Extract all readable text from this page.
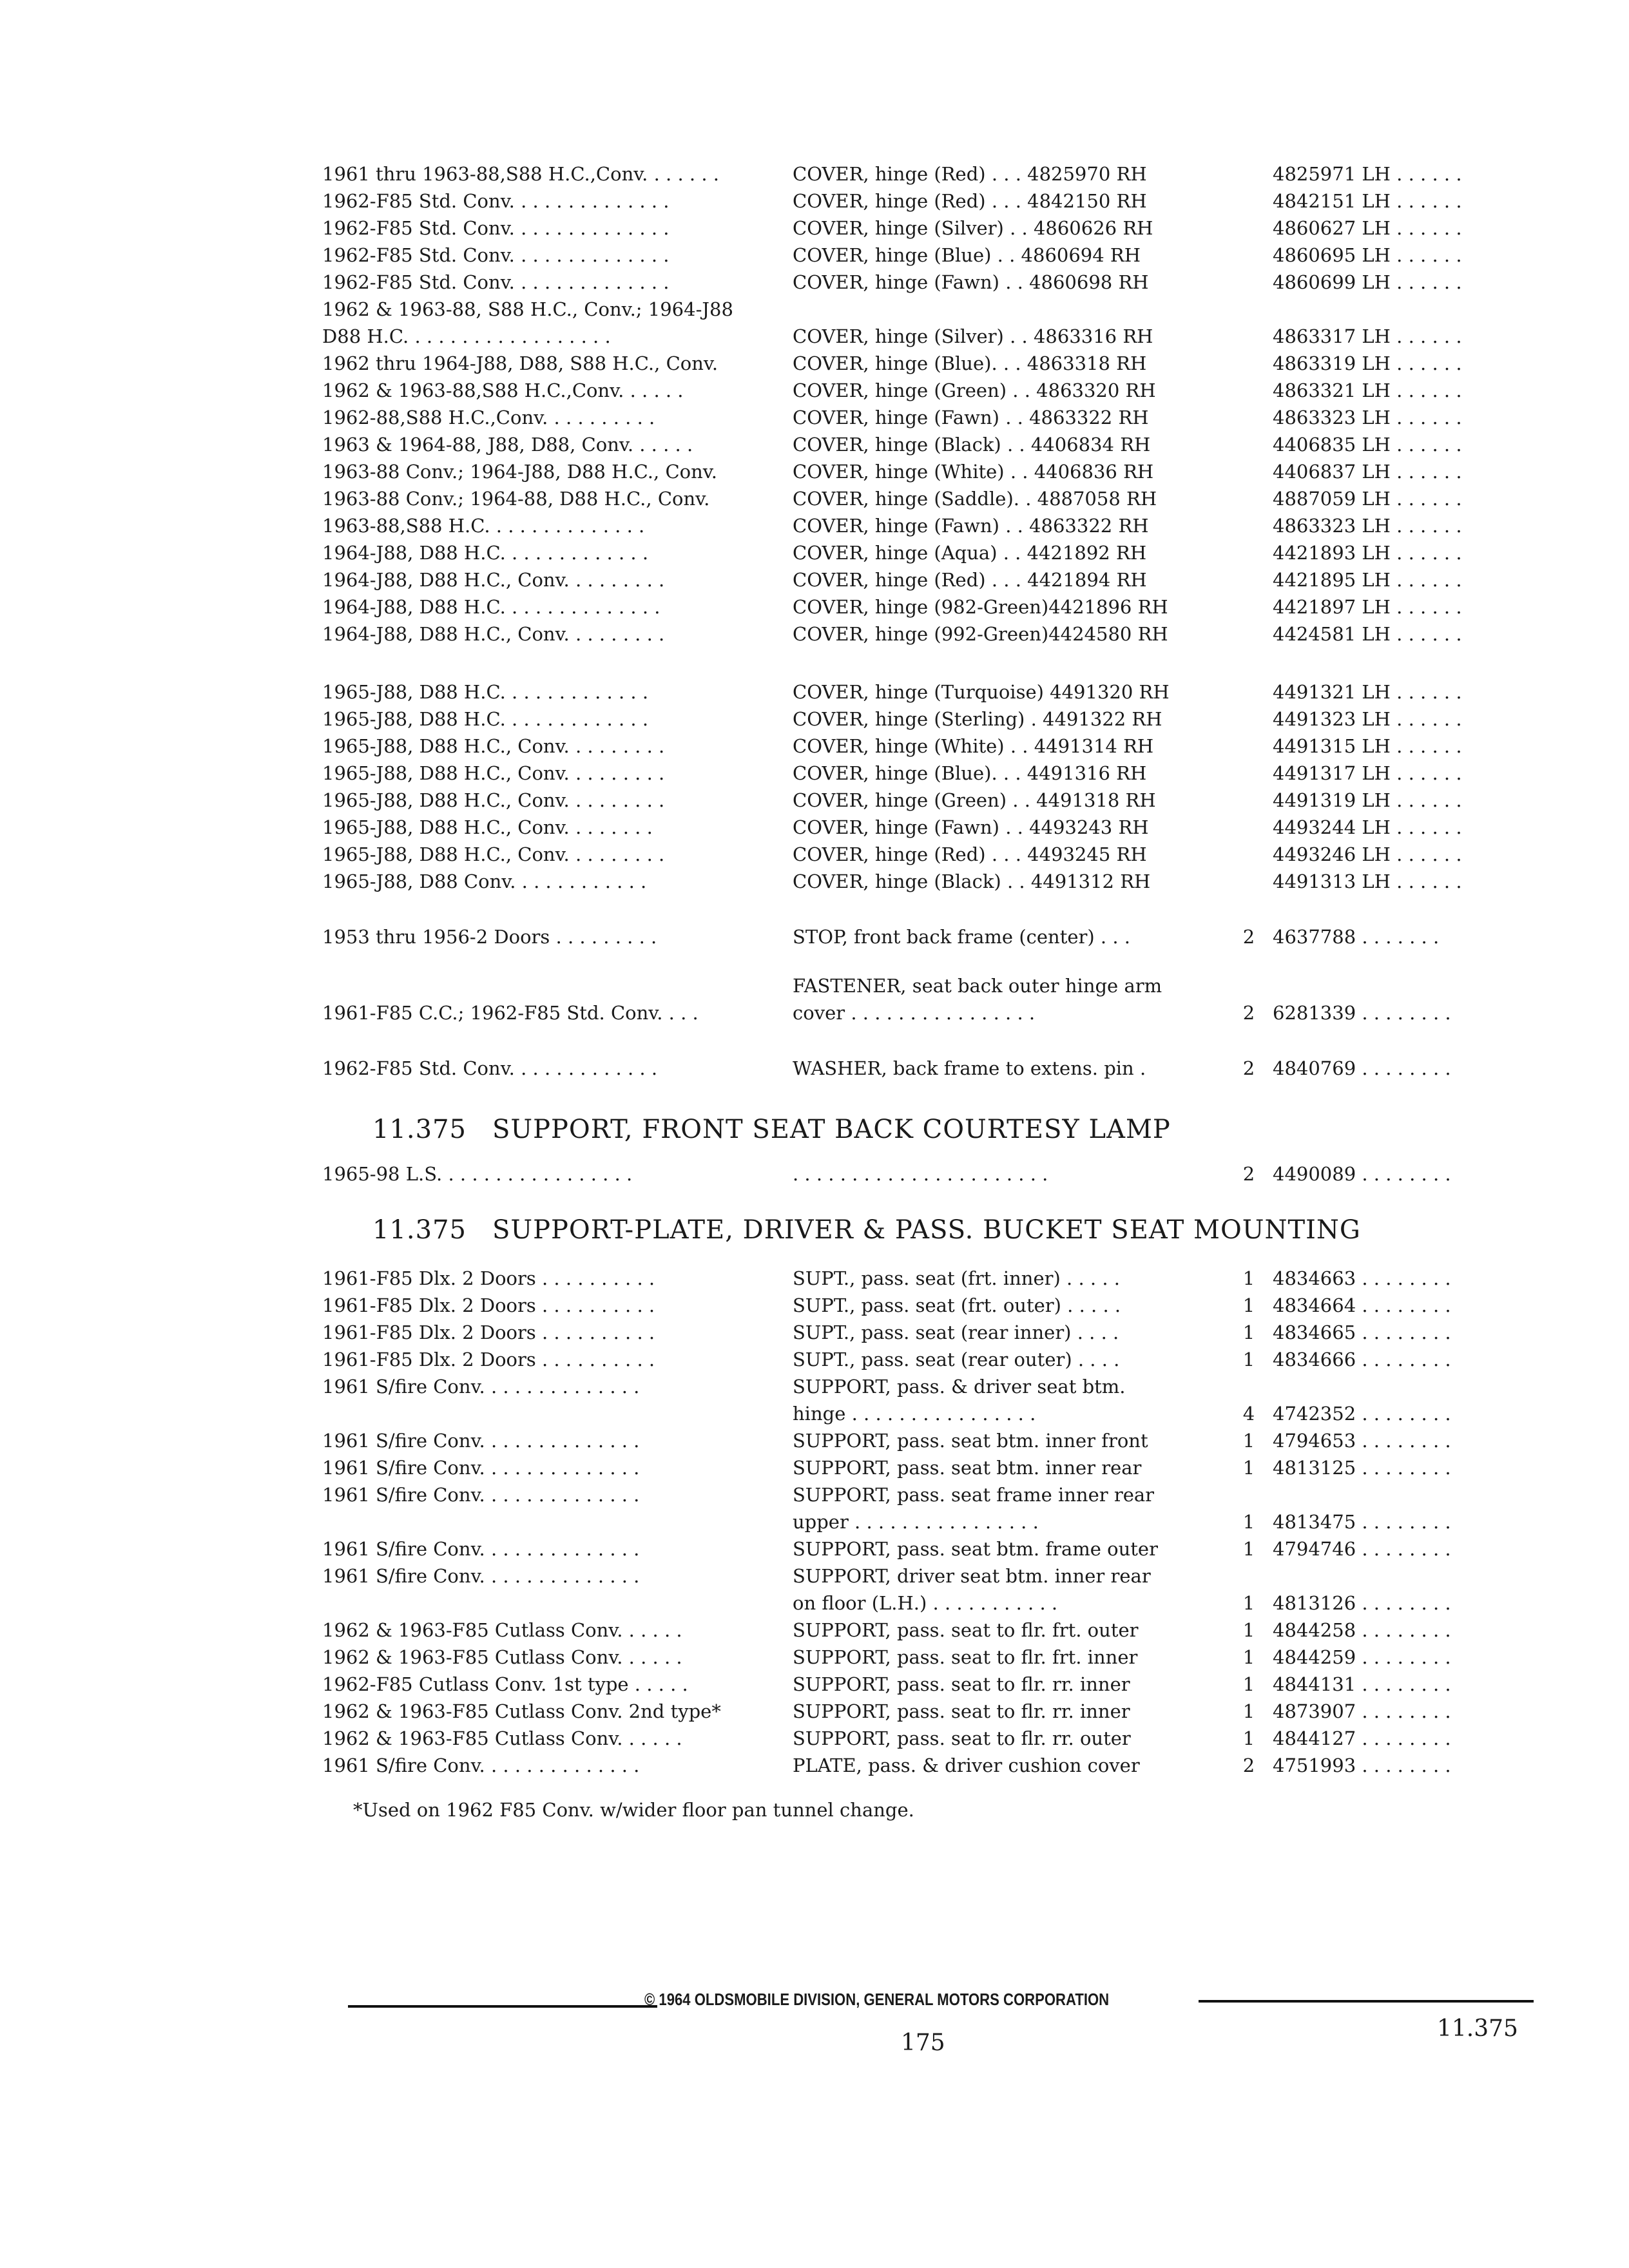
1961 thru 1963-88,S88 H.C.,Conv. . . . . . .	COVER, hinge (Red) . . . 4825970 RH	4825971 LH . . . . . .
1962-F85 Std. Conv. . . . . . . . . . . . . .	COVER, hinge (Red) . . . 4842150 RH	4842151 LH . . . . . .
1962-F85 Std. Conv. . . . . . . . . . . . . .	COVER, hinge (Silver) . . 4860626 RH	4860627 LH . . . . . .
1962-F85 Std. Conv. . . . . . . . . . . . . .	COVER, hinge (Blue) . . 4860694 RH	4860695 LH . . . . . .
1962-F85 Std. Conv. . . . . . . . . . . . . .	COVER, hinge (Fawn) . . 4860698 RH	4860699 LH . . . . . .
1962 & 1963-88, S88 H.C., Conv.; 1964-J88
D88 H.C. . . . . . . . . . . . . . . . . .	COVER, hinge (Silver) . . 4863316 RH	4863317 LH . . . . . .
1962 thru 1964-J88, D88, S88 H.C., Conv.	COVER, hinge (Blue). . . 4863318 RH	4863319 LH . . . . . .
1962 & 1963-88,S88 H.C.,Conv. . . . . .	COVER, hinge (Green) . . 4863320 RH	4863321 LH . . . . . .
1962-88,S88 H.C.,Conv. . . . . . . . . .	COVER, hinge (Fawn) . . 4863322 RH	4863323 LH . . . . . .
1963 & 1964-88, J88, D88, Conv. . . . . .	COVER, hinge (Black) . . 4406834 RH	4406835 LH . . . . . .
1963-88 Conv.; 1964-J88, D88 H.C., Conv.	COVER, hinge (White) . . 4406836 RH	4406837 LH . . . . . .
1963-88 Conv.; 1964-88, D88 H.C., Conv.	COVER, hinge (Saddle). . 4887058 RH	4887059 LH . . . . . .
1963-88,S88 H.C. . . . . . . . . . . . . .	COVER, hinge (Fawn) . . 4863322 RH	4863323 LH . . . . . .
1964-J88, D88 H.C. . . . . . . . . . . . .	COVER, hinge (Aqua) . . 4421892 RH	4421893 LH . . . . . .
1964-J88, D88 H.C., Conv. . . . . . . . .	COVER, hinge (Red) . . . 4421894 RH	4421895 LH . . . . . .
1964-J88, D88 H.C. . . . . . . . . . . . . .	COVER, hinge (982-Green)4421896 RH	4421897 LH . . . . . .
1964-J88, D88 H.C., Conv. . . . . . . . .	COVER, hinge (992-Green)4424580 RH	4424581 LH . . . . . .
1965-J88, D88 H.C. . . . . . . . . . . . .	COVER, hinge (Turquoise) 4491320 RH	4491321 LH . . . . . .
1965-J88, D88 H.C. . . . . . . . . . . . .	COVER, hinge (Sterling) . 4491322 RH	4491323 LH . . . . . .
1965-J88, D88 H.C., Conv. . . . . . . . .	COVER, hinge (White) . . 4491314 RH	4491315 LH . . . . . .
1965-J88, D88 H.C., Conv. . . . . . . . .	COVER, hinge (Blue). . . 4491316 RH	4491317 LH . . . . . .
1965-J88, D88 H.C., Conv. . . . . . . . .	COVER, hinge (Green) . . 4491318 RH	4491319 LH . . . . . .
1965-J88, D88 H.C., Conv. . . . . . . .	COVER, hinge (Fawn) . . 4493243 RH	4493244 LH . . . . . .
1965-J88, D88 H.C., Conv. . . . . . . . .	COVER, hinge (Red) . . . 4493245 RH	4493246 LH . . . . . .
1965-J88, D88 Conv. . . . . . . . . . . .	COVER, hinge (Black) . . 4491312 RH	4491313 LH . . . . . .
1953 thru 1956-2 Doors . . . . . . . . .	STOP, front back frame (center) . . .	2 4637788 . . . . . . .
FASTENER, seat back outer hinge arm
1961-F85 C.C.; 1962-F85 Std. Conv. . . .	cover . . . . . . . . . . . . . . . .	2 6281339 . . . . . . . .
1962-F85 Std. Conv. . . . . . . . . . . . .	WASHER, back frame to extens. pin .	2 4840769 . . . . . . . .
11.375 SUPPORT, FRONT SEAT BACK COURTESY LAMP
1965-98 L.S. . . . . . . . . . . . . . . . .	. . . . . . . . . . . . . . . . . . . . . .	2 4490089 . . . . . . . .
11.375 SUPPORT-PLATE, DRIVER & PASS. BUCKET SEAT MOUNTING
1961-F85 Dlx. 2 Doors . . . . . . . . . .	SUPT., pass. seat (frt. inner) . . . . .	1 4834663 . . . . . . . .
1961-F85 Dlx. 2 Doors . . . . . . . . . .	SUPT., pass. seat (frt. outer) . . . . .	1 4834664 . . . . . . . .
1961-F85 Dlx. 2 Doors . . . . . . . . . .	SUPT., pass. seat (rear inner) . . . .	1 4834665 . . . . . . . .
1961-F85 Dlx. 2 Doors . . . . . . . . . .	SUPT., pass. seat (rear outer) . . . .	1 4834666 . . . . . . . .
1961 S/fire Conv. . . . . . . . . . . . . .	SUPPORT, pass. & driver seat btm.
hinge . . . . . . . . . . . . . . . .	4 4742352 . . . . . . . .
1961 S/fire Conv. . . . . . . . . . . . . .	SUPPORT, pass. seat btm. inner front	1 4794653 . . . . . . . .
1961 S/fire Conv. . . . . . . . . . . . . .	SUPPORT, pass. seat btm. inner rear	1 4813125 . . . . . . . .
1961 S/fire Conv. . . . . . . . . . . . . .	SUPPORT, pass. seat frame inner rear
upper . . . . . . . . . . . . . . . .	1 4813475 . . . . . . . .
1961 S/fire Conv. . . . . . . . . . . . . .	SUPPORT, pass. seat btm. frame outer	1 4794746 . . . . . . . .
1961 S/fire Conv. . . . . . . . . . . . . .	SUPPORT, driver seat btm. inner rear
on floor (L.H.) . . . . . . . . . . .	1 4813126 . . . . . . . .
1962 & 1963-F85 Cutlass Conv. . . . . .	SUPPORT, pass. seat to flr. frt. outer	1 4844258 . . . . . . . .
1962 & 1963-F85 Cutlass Conv. . . . . .	SUPPORT, pass. seat to flr. frt. inner	1 4844259 . . . . . . . .
1962-F85 Cutlass Conv. 1st type . . . . .	SUPPORT, pass. seat to flr. rr. inner	1 4844131 . . . . . . . .
1962 & 1963-F85 Cutlass Conv. 2nd type*	SUPPORT, pass. seat to flr. rr. inner	1 4873907 . . . . . . . .
1962 & 1963-F85 Cutlass Conv. . . . . .	SUPPORT, pass. seat to flr. rr. outer	1 4844127 . . . . . . . .
1961 S/fire Conv. . . . . . . . . . . . . .	PLATE, pass. & driver cushion cover	2 4751993 . . . . . . . .
*Used on 1962 F85 Conv. w/wider floor pan tunnel change.
© 1964 OLDSMOBILE DIVISION, GENERAL MOTORS CORPORATION
175
11.375
